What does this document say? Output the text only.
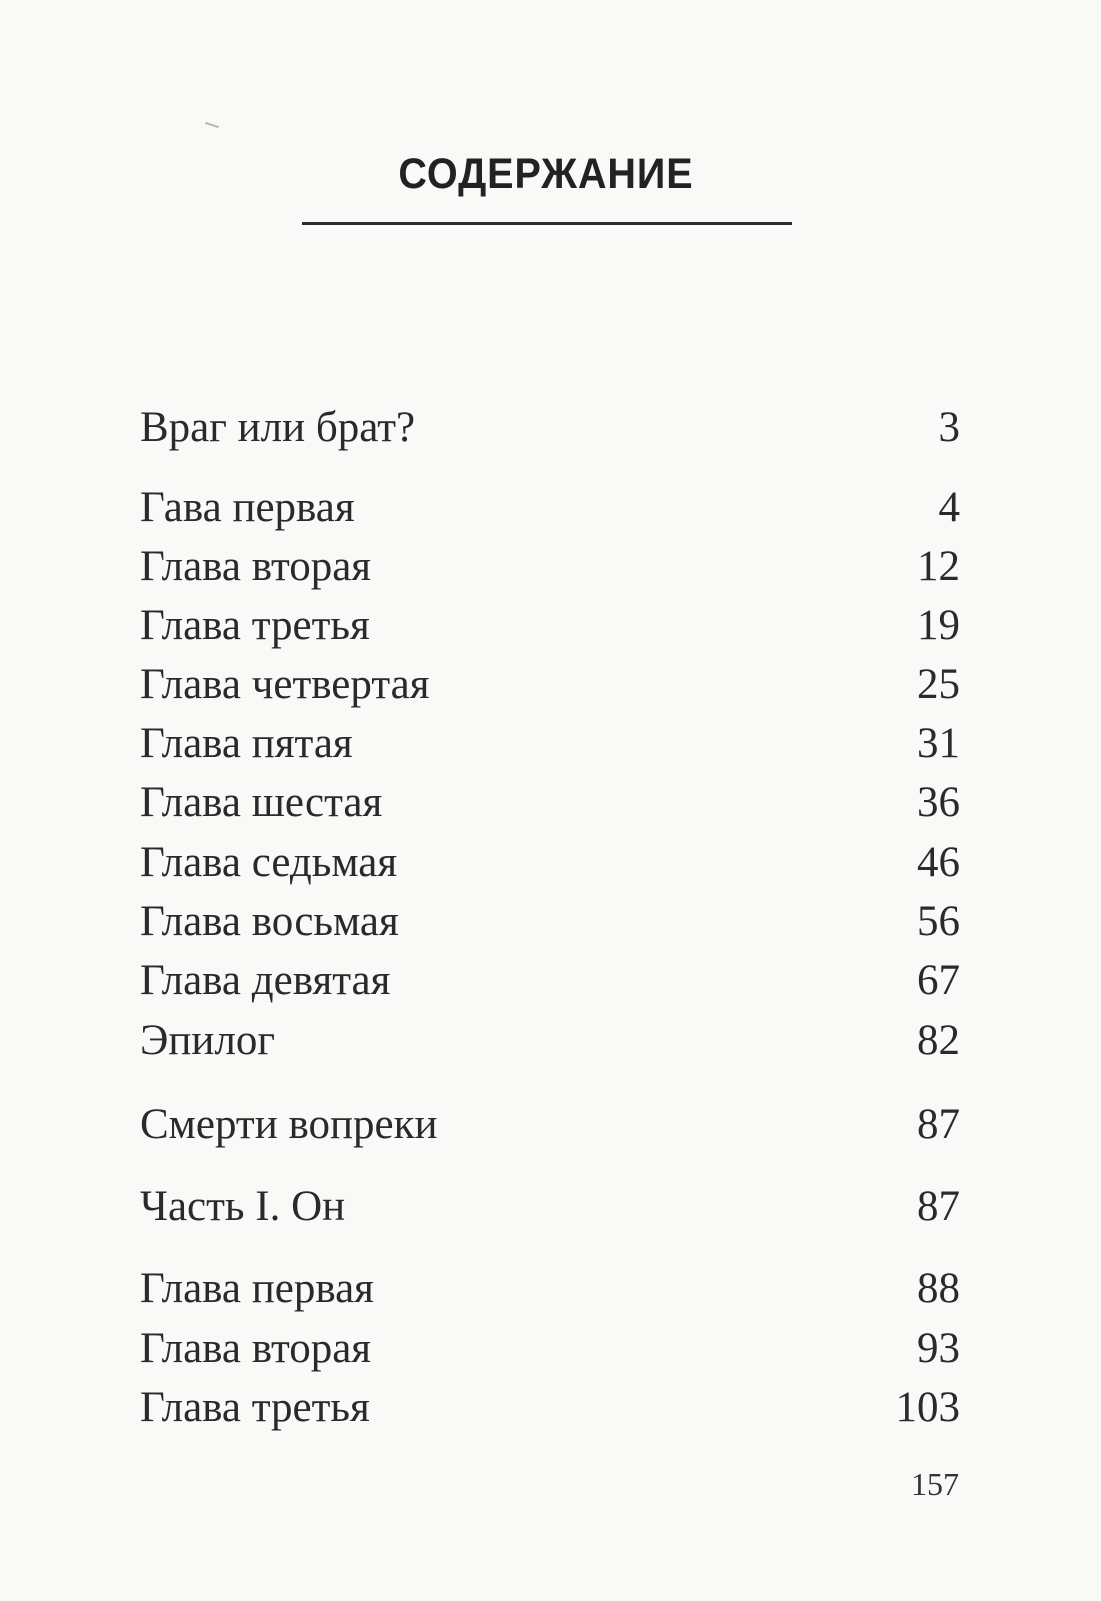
СОДЕРЖАНИЕ
Враг или брат?	3
Гава первая	4
Глава вторая	12
Глава третья	19
Глава четвертая	25
Глава пятая	31
Глава шестая	36
Глава седьмая	46
Глава восьмая	56
Глава девятая	67
Эпилог	82
Смерти вопреки	87
Часть I. Он	87
Глава первая	88
Глава вторая	93
Глава третья	103
157
